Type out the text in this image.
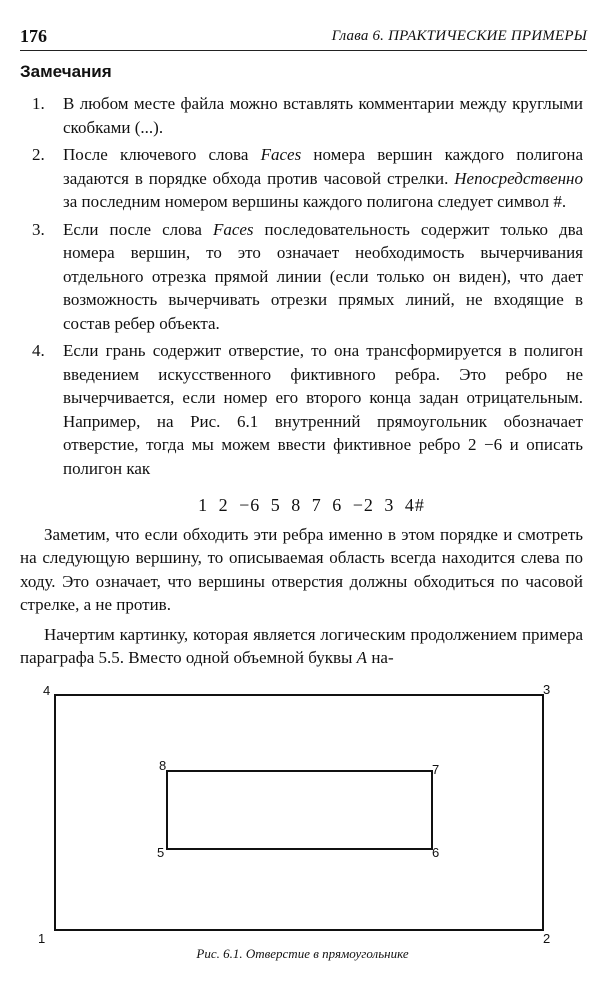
176	Глава 6. ПРАКТИЧЕСКИЕ ПРИМЕРЫ
Замечания
1. В любом месте файла можно вставлять комментарии между круглыми скобками (...).

2. После ключевого слова Faces номера вершин каждого полигона задаются в порядке обхода против часовой стрелки. Непосредственно за последним номером вершины каждого полигона следует символ #.

3. Если после слова Faces последовательность содержит только два номера вершин, то это означает необходимость вычерчивания отдельного отрезка прямой линии (если только он виден), что дает возможность вычерчивать отрезки прямых линий, не входящие в состав ребер объекта.

4. Если грань содержит отверстие, то она трансформируется в полигон введением искусственного фиктивного ребра. Это ребро не вычерчивается, если номер его второго конца задан отрицательным. Например, на Рис. 6.1 внутренний прямоугольник обозначает отверстие, тогда мы можем ввести фиктивное ребро 2 −6 и описать полигон как

1 2 −6 5 8 7 6 −2 3 4#

Заметим, что если обходить эти ребра именно в этом порядке и смотреть на следующую вершину, то описываемая область всегда находится слева по ходу. Это означает, что вершины отверстия должны обходиться по часовой стрелке, а не против.

Начертим картинку, которая является логическим продолжением примера параграфа 5.5. Вместо одной объемной буквы А на-

1	2
3
4
5	6
7
8
Рис. 6.1. Отверстие в прямоугольнике
